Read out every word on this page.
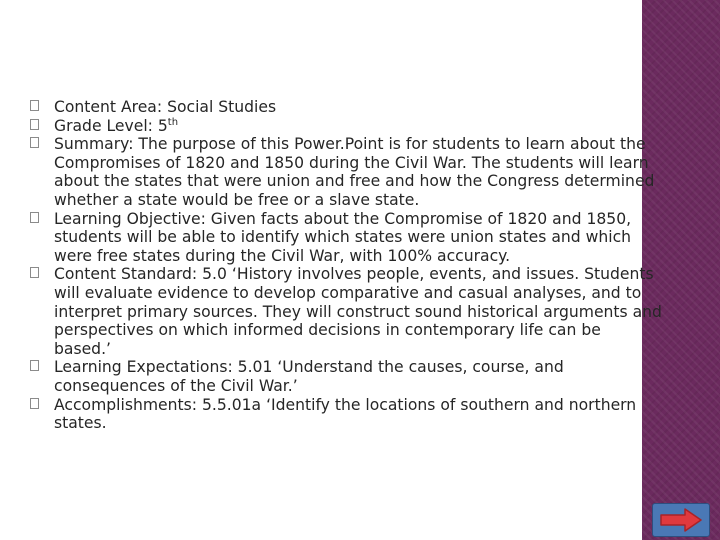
Content Area: Social Studies
Grade Level: 5th
Summary: The purpose of this Power.Point is for students to learn about the Compromises of 1820 and 1850 during the Civil War. The students will learn about the states that were union and free and how the Congress determined whether a state would be free or a slave state.
Learning Objective: Given facts about the Compromise of 1820 and 1850, students will be able to identify which states were union states and which were free states during the Civil War, with 100% accuracy.
Content Standard: 5.0 ‘History involves people, events, and issues. Students will evaluate evidence to develop comparative and casual analyses, and to interpret primary sources. They will construct sound historical arguments and perspectives on which informed decisions in contemporary life can be based.’
Learning Expectations: 5.01 ‘Understand the causes, course, and consequences of the Civil War.’
Accomplishments: 5.5.01a ‘Identify the locations of southern and northern states.
